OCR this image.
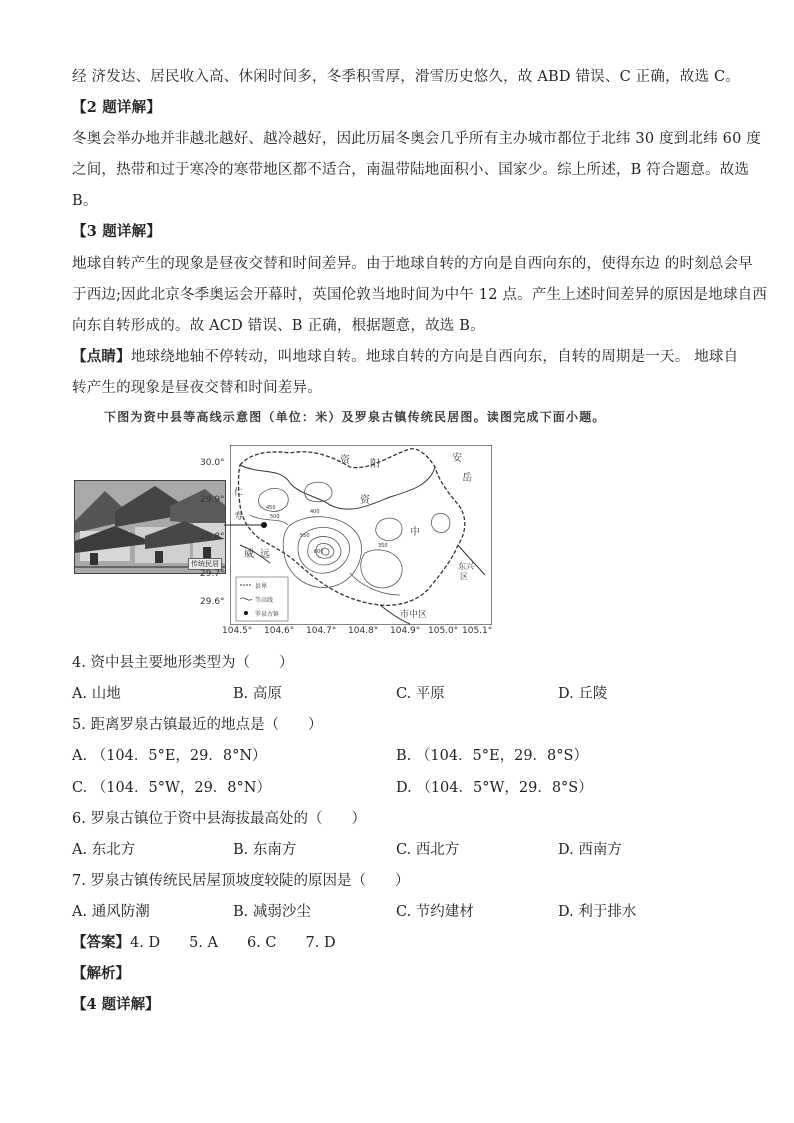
经 济发达、居民收入高、休闲时间多，冬季积雪厚，滑雪历史悠久，故 ABD 错误、C 正确，故选 C。
【2 题详解】
冬奥会举办地并非越北越好、越冷越好，因此历届冬奥会几乎所有主办城市都位于北纬 30 度到北纬 60 度
之间，热带和过于寒冷的寒带地区都不适合，南温带陆地面积小、国家少。综上所述，B 符合题意。故选
B。
【3 题详解】
地球自转产生的现象是昼夜交替和时间差异。由于地球自转的方向是自西向东的，使得东边 的时刻总会早
于西边;因此北京冬季奥运会开幕时，英国伦敦当地时间为中午 12 点。产生上述时间差异的原因是地球自西
向东自转形成的。故 ACD 错误、B 正确，根据题意，故选 B。
【点睛】地球绕地轴不停转动，叫地球自转。地球自转的方向是自西向东，自转的周期是一天。 地球自
转产生的现象是昼夜交替和时间差异。
下图为资中县等高线示意图（单位：米）及罗泉古镇传统民居图。读图完成下面小题。
传统民居
资 阳
安
岳
资
中
威 远
东兴
区
市中区
仁
寿
450
500
400
350
600
550
县界
等高线
罗泉古镇
30.0°
29.9°
29.8°
29.7°
29.6°
104.5° 104.6° 104.7° 104.8° 104.9° 105.0° 105.1°
4. 资中县主要地形类型为（　　）
A. 山地	B. 高原	C. 平原	D. 丘陵
5. 距离罗泉古镇最近的地点是（　　）
A. （104．5°E，29．8°N）	B. （104．5°E，29．8°S）
C. （104．5°W，29．8°N）	D. （104．5°W，29．8°S）
6. 罗泉古镇位于资中县海拔最高处的（　　）
A. 东北方	B. 东南方	C. 西北方	D. 西南方
7. 罗泉古镇传统民居屋顶坡度较陡的原因是（　　）
A. 通风防潮	B. 减弱沙尘	C. 节约建材	D. 利于排水
【答案】4. D　　5. A　　6. C　　7. D
【解析】
【4 题详解】
